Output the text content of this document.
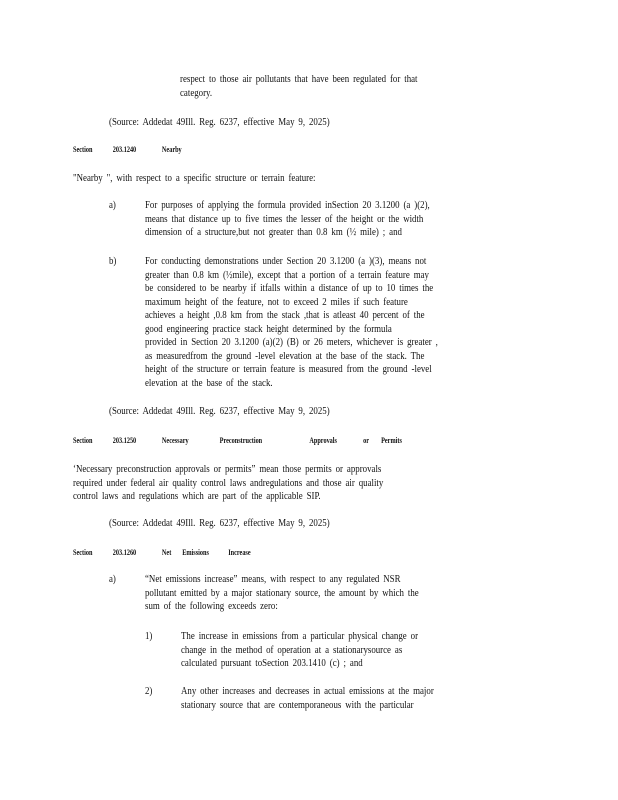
respect to those air pollutants that have been regulated for that
category.
(Source: Addedat 49Ill. Reg. 6237, effective May 9, 2025)
Section	203.1240	Nearby
"Nearby ", with respect to a specific structure or terrain feature:
a)	For purposes of applying the formula provided inSection 20 3.1200 (a )(2),
means that distance up to five times the lesser of the height or the width
dimension of a structure,but not greater than 0.8 km (½ mile) ; and
b)	For conducting demonstrations under Section 20 3.1200 (a )(3), means not
greater than 0.8 km (½mile), except that a portion of a terrain feature may
be considered to be nearby if itfalls within a distance of up to 10 times the
maximum height of the feature, not to exceed 2 miles if such feature
achieves a height ,0.8 km from the stack ,that is atleast 40 percent of the
good engineering practice stack height determined by the formula
provided in Section 20 3.1200 (a)(2) (B) or 26 meters, whichever is greater ,
as measuredfrom the ground -level elevation at the base of the stack. The
height of the structure or terrain feature is measured from the ground -level
elevation at the base of the stack.
(Source: Addedat 49Ill. Reg. 6237, effective May 9, 2025)
Section	203.1250	Necessary	Preconstruction	Approvals	or Permits
‘Necessary preconstruction approvals or permits” mean those permits or approvals
required under federal air quality control laws andregulations and those air quality
control laws and regulations which are part of the applicable SIP.
(Source: Addedat 49Ill. Reg. 6237, effective May 9, 2025)
Section	203.1260	Net Emissions Increase
a)	“Net emissions increase” means, with respect to any regulated NSR
pollutant emitted by a major stationary source, the amount by which the
sum of the following exceeds zero:
1)	The increase in emissions from a particular physical change or
change in the method of operation at a stationarysource as
calculated pursuant toSection 203.1410 (c) ; and
2)	Any other increases and decreases in actual emissions at the major
stationary source that are contemporaneous with the particular
